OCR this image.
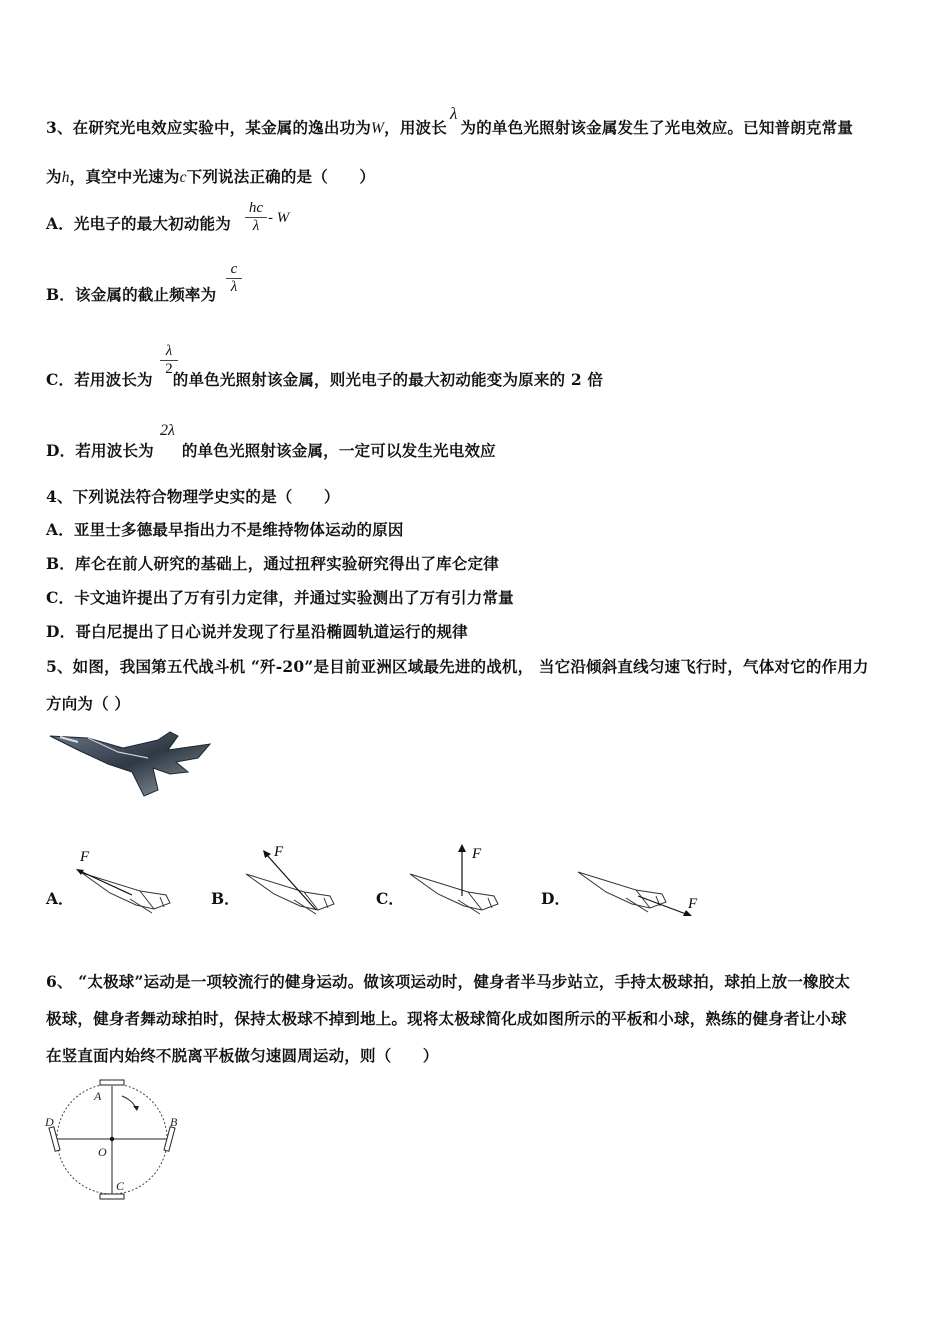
3、在研究光电效应实验中，某金属的逸出功为W，用波长λ为的单色光照射该金属发生了光电效应。已知普朗克常量
为h，真空中光速为c下列说法正确的是（　　）
A．光电子的最大初动能为
hc
λ - W
B．该金属的截止频率为
c
λ
C．若用波长为 的单色光照射该金属，则光电子的最大初动能变为原来的 2 倍
λ
2
D．若用波长为 的单色光照射该金属，一定可以发生光电效应
2λ
4、下列说法符合物理学史实的是（　　）
A．亚里士多德最早指出力不是维持物体运动的原因
B．库仑在前人研究的基础上，通过扭秤实验研究得出了库仑定律
C．卡文迪许提出了万有引力定律，并通过实验测出了万有引力常量
D．哥白尼提出了日心说并发现了行星沿椭圆轨道运行的规律
5、如图，我国第五代战斗机 “歼-20”是目前亚洲区域最先进的战机， 当它沿倾斜直线匀速飞行时，气体对它的作用力
方向为（ ）
A．
F
B．
F
C．
F
D．	F
6、 “太极球”运动是一项较流行的健身运动。做该项运动时，健身者半马步站立，手持太极球拍，球拍上放一橡胶太
极球，健身者舞动球拍时，保持太极球不掉到地上。现将太极球简化成如图所示的平板和小球，熟练的健身者让小球
在竖直面内始终不脱离平板做匀速圆周运动，则（　　）
A
B
C
D
O
